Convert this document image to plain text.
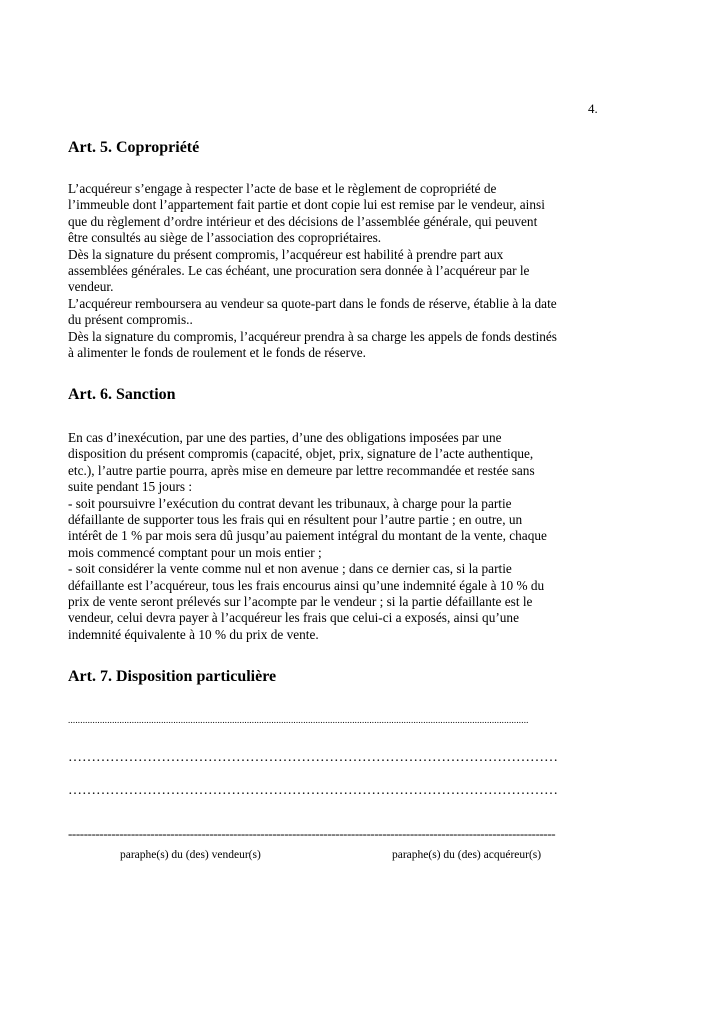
4.
Art. 5. Copropriété
L’acquéreur s’engage à respecter l’acte de base et le règlement de copropriété de
l’immeuble dont l’appartement fait partie et dont copie lui est remise par le vendeur, ainsi
que du règlement d’ordre intérieur et des décisions de l’assemblée générale, qui peuvent
être consultés au siège de l’association des copropriétaires.
Dès la signature du présent compromis, l’acquéreur est habilité à prendre part aux
assemblées générales. Le cas échéant, une procuration sera donnée à l’acquéreur par le
vendeur.
L’acquéreur remboursera au vendeur sa quote-part dans le fonds de réserve, établie à la date
du présent compromis..
Dès la signature du compromis, l’acquéreur prendra à sa charge les appels de fonds destinés
à alimenter le fonds de roulement et le fonds de réserve.
Art. 6. Sanction
En cas d’inexécution, par une des parties, d’une des obligations imposées par une
disposition du présent compromis (capacité, objet, prix, signature de l’acte authentique,
etc.), l’autre partie pourra, après mise en demeure par lettre recommandée et restée sans
suite pendant 15 jours :
- soit poursuivre l’exécution du contrat devant les tribunaux, à charge pour la partie
défaillante de supporter tous les frais qui en résultent pour l’autre partie ; en outre, un
intérêt de 1 % par mois sera dû jusqu’au paiement intégral du montant de la vente, chaque
mois commencé comptant pour un mois entier ;
- soit considérer la vente comme nul et non avenue ; dans ce dernier cas, si la partie
défaillante est l’acquéreur, tous les frais encourus ainsi qu’une indemnité égale à 10 % du
prix de vente seront prélevés sur l’acompte par le vendeur ; si la partie défaillante est le
vendeur, celui devra payer à l’acquéreur les frais que celui-ci a exposés, ainsi qu’une
indemnité équivalente à 10 % du prix de vente.
Art. 7. Disposition particulière
............................................................................................................................................................................................
……………………………………………………………………………………………
……………………………………………………………………………………………
----------------------------------------------------------------------------------------------------------------------------
paraphe(s) du (des) vendeur(s)	paraphe(s) du (des) acquéreur(s)
